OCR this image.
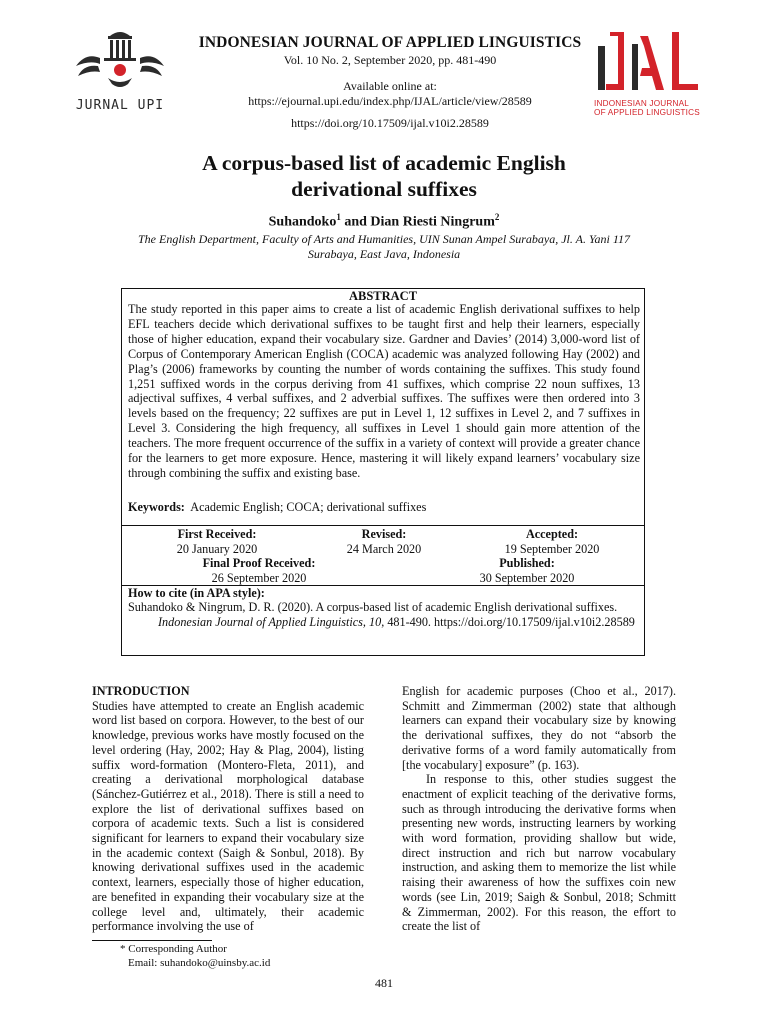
JURNAL UPI	INDONESIAN JOURNAL
OF APPLIED LINGUISTICS
INDONESIAN JOURNAL OF APPLIED LINGUISTICS
Vol. 10 No. 2, September 2020, pp. 481-490
Available online at:
https://ejournal.upi.edu/index.php/IJAL/article/view/28589
https://doi.org/10.17509/ijal.v10i2.28589
A corpus-based list of academic English
derivational suffixes
Suhandoko$^1$ and Dian Riesti Ningrum$^2$
The English Department, Faculty of Arts and Humanities, UIN Sunan Ampel Surabaya, Jl. A. Yani 117
Surabaya, East Java, Indonesia
ABSTRACT
The study reported in this paper aims to create a list of academic English derivational suffixes to help EFL teachers decide which derivational suffixes to be taught first and help their learners, especially those of higher education, expand their vocabulary size. Gardner and Davies’ (2014) 3,000-word list of Corpus of Contemporary American English (COCA) academic was analyzed following Hay (2002) and Plag’s (2006) frameworks by counting the number of words containing the suffixes. This study found 1,251 suffixed words in the corpus deriving from 41 suffixes, which comprise 22 noun suffixes, 13 adjectival suffixes, 4 verbal suffixes, and 2 adverbial suffixes. The suffixes were then ordered into 3 levels based on the frequency; 22 suffixes are put in Level 1, 12 suffixes in Level 2, and 7 suffixes in Level 3. Considering the high frequency, all suffixes in Level 1 should gain more attention of the teachers. The more frequent occurrence of the suffix in a variety of context will provide a greater chance for the learners to get more exposure. Hence, mastering it will likely expand learners’ vocabulary size through combining the suffix and existing base.
Keywords: Academic English; COCA; derivational suffixes
First Received:
20 January 2020
Revised:
24 March 2020
Accepted:
19 September 2020
Final Proof Received:
26 September 2020
Published:
30 September 2020
How to cite (in APA style):
Suhandoko & Ningrum, D. R. (2020). A corpus-based list of academic English derivational suffixes. Indonesian Journal of Applied Linguistics, 10, 481-490. https://doi.org/10.17509/ijal.v10i2.28589
INTRODUCTION
Studies have attempted to create an English academic word list based on corpora. However, to the best of our knowledge, previous works have mostly focused on the level ordering (Hay, 2002; Hay & Plag, 2004), listing suffix word-formation (Montero-Fleta, 2011), and creating a derivational morphological database (Sánchez-Gutiérrez et al., 2018). There is still a need to explore the list of derivational suffixes based on corpora of academic texts. Such a list is considered significant for learners to expand their vocabulary size in the academic context (Saigh & Sonbul, 2018). By knowing derivational suffixes used in the academic context, learners, especially those of higher education, are benefited in expanding their vocabulary size at the college level and, ultimately, their academic performance involving the use of
English for academic purposes (Choo et al., 2017). Schmitt and Zimmerman (2002) state that although learners can expand their vocabulary size by knowing the derivational suffixes, they do not “absorb the derivative forms of a word family automatically from [the vocabulary] exposure” (p. 163).
In response to this, other studies suggest the enactment of explicit teaching of the derivative forms, such as through introducing the derivative forms when presenting new words, instructing learners by working with word formation, providing shallow but wide, direct instruction and rich but narrow vocabulary instruction, and asking them to memorize the list while raising their awareness of how the suffixes coin new words (see Lin, 2019; Saigh & Sonbul, 2018; Schmitt & Zimmerman, 2002). For this reason, the effort to create the list of
* Corresponding Author
Email: suhandoko@uinsby.ac.id
481
